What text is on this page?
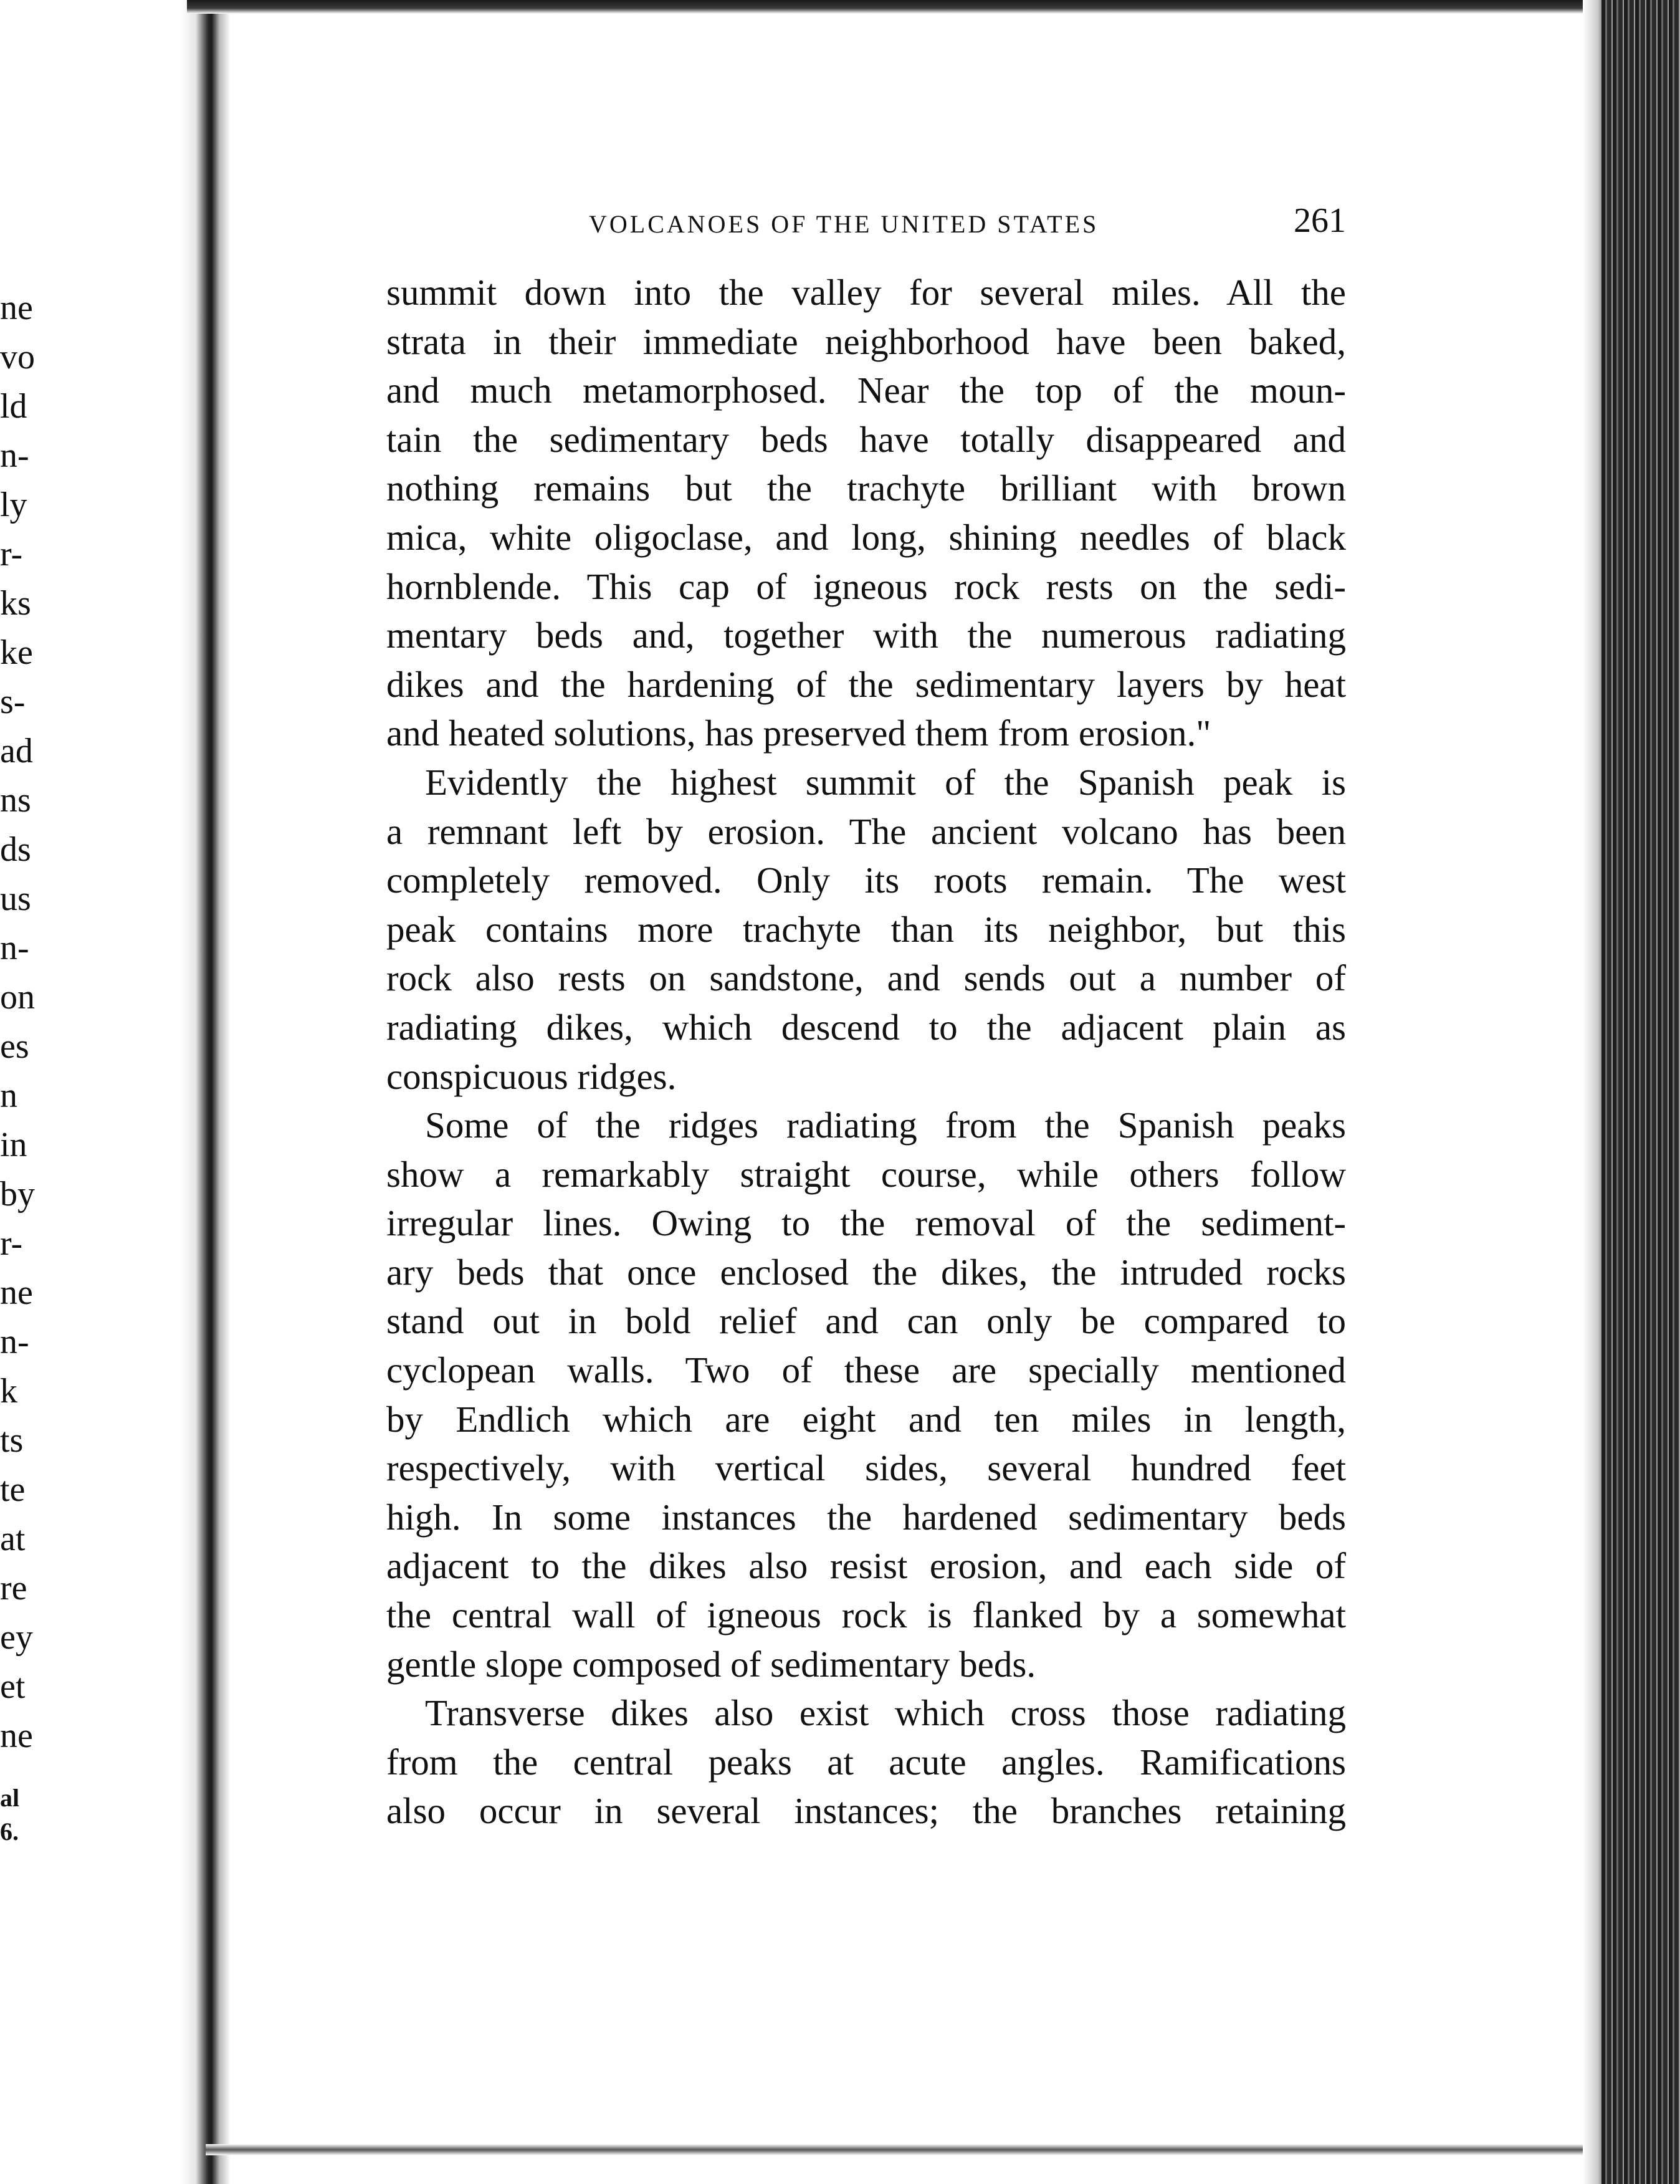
ne
vo
ld
n-
ly
r-
ks
ke
s-
ad
ns
ds
us
n-
on
es
n
in
by
r-
ne
n-
k
ts
te
at
re
ey
et
ne
al
6.
VOLCANOES OF THE UNITED STATES	261
summit down into the valley for several miles. All the
strata in their immediate neighborhood have been baked,
and much metamorphosed. Near the top of the moun-
tain the sedimentary beds have totally disappeared and
nothing remains but the trachyte brilliant with brown
mica, white oligoclase, and long, shining needles of black
hornblende. This cap of igneous rock rests on the sedi-
mentary beds and, together with the numerous radiating
dikes and the hardening of the sedimentary layers by heat
and heated solutions, has preserved them from erosion."
Evidently the highest summit of the Spanish peak is
a remnant left by erosion. The ancient volcano has been
completely removed. Only its roots remain. The west
peak contains more trachyte than its neighbor, but this
rock also rests on sandstone, and sends out a number of
radiating dikes, which descend to the adjacent plain as
conspicuous ridges.
Some of the ridges radiating from the Spanish peaks
show a remarkably straight course, while others follow
irregular lines. Owing to the removal of the sediment-
ary beds that once enclosed the dikes, the intruded rocks
stand out in bold relief and can only be compared to
cyclopean walls. Two of these are specially mentioned
by Endlich which are eight and ten miles in length,
respectively, with vertical sides, several hundred feet
high. In some instances the hardened sedimentary beds
adjacent to the dikes also resist erosion, and each side of
the central wall of igneous rock is flanked by a somewhat
gentle slope composed of sedimentary beds.
Transverse dikes also exist which cross those radiating
from the central peaks at acute angles. Ramifications
also occur in several instances; the branches retaining
